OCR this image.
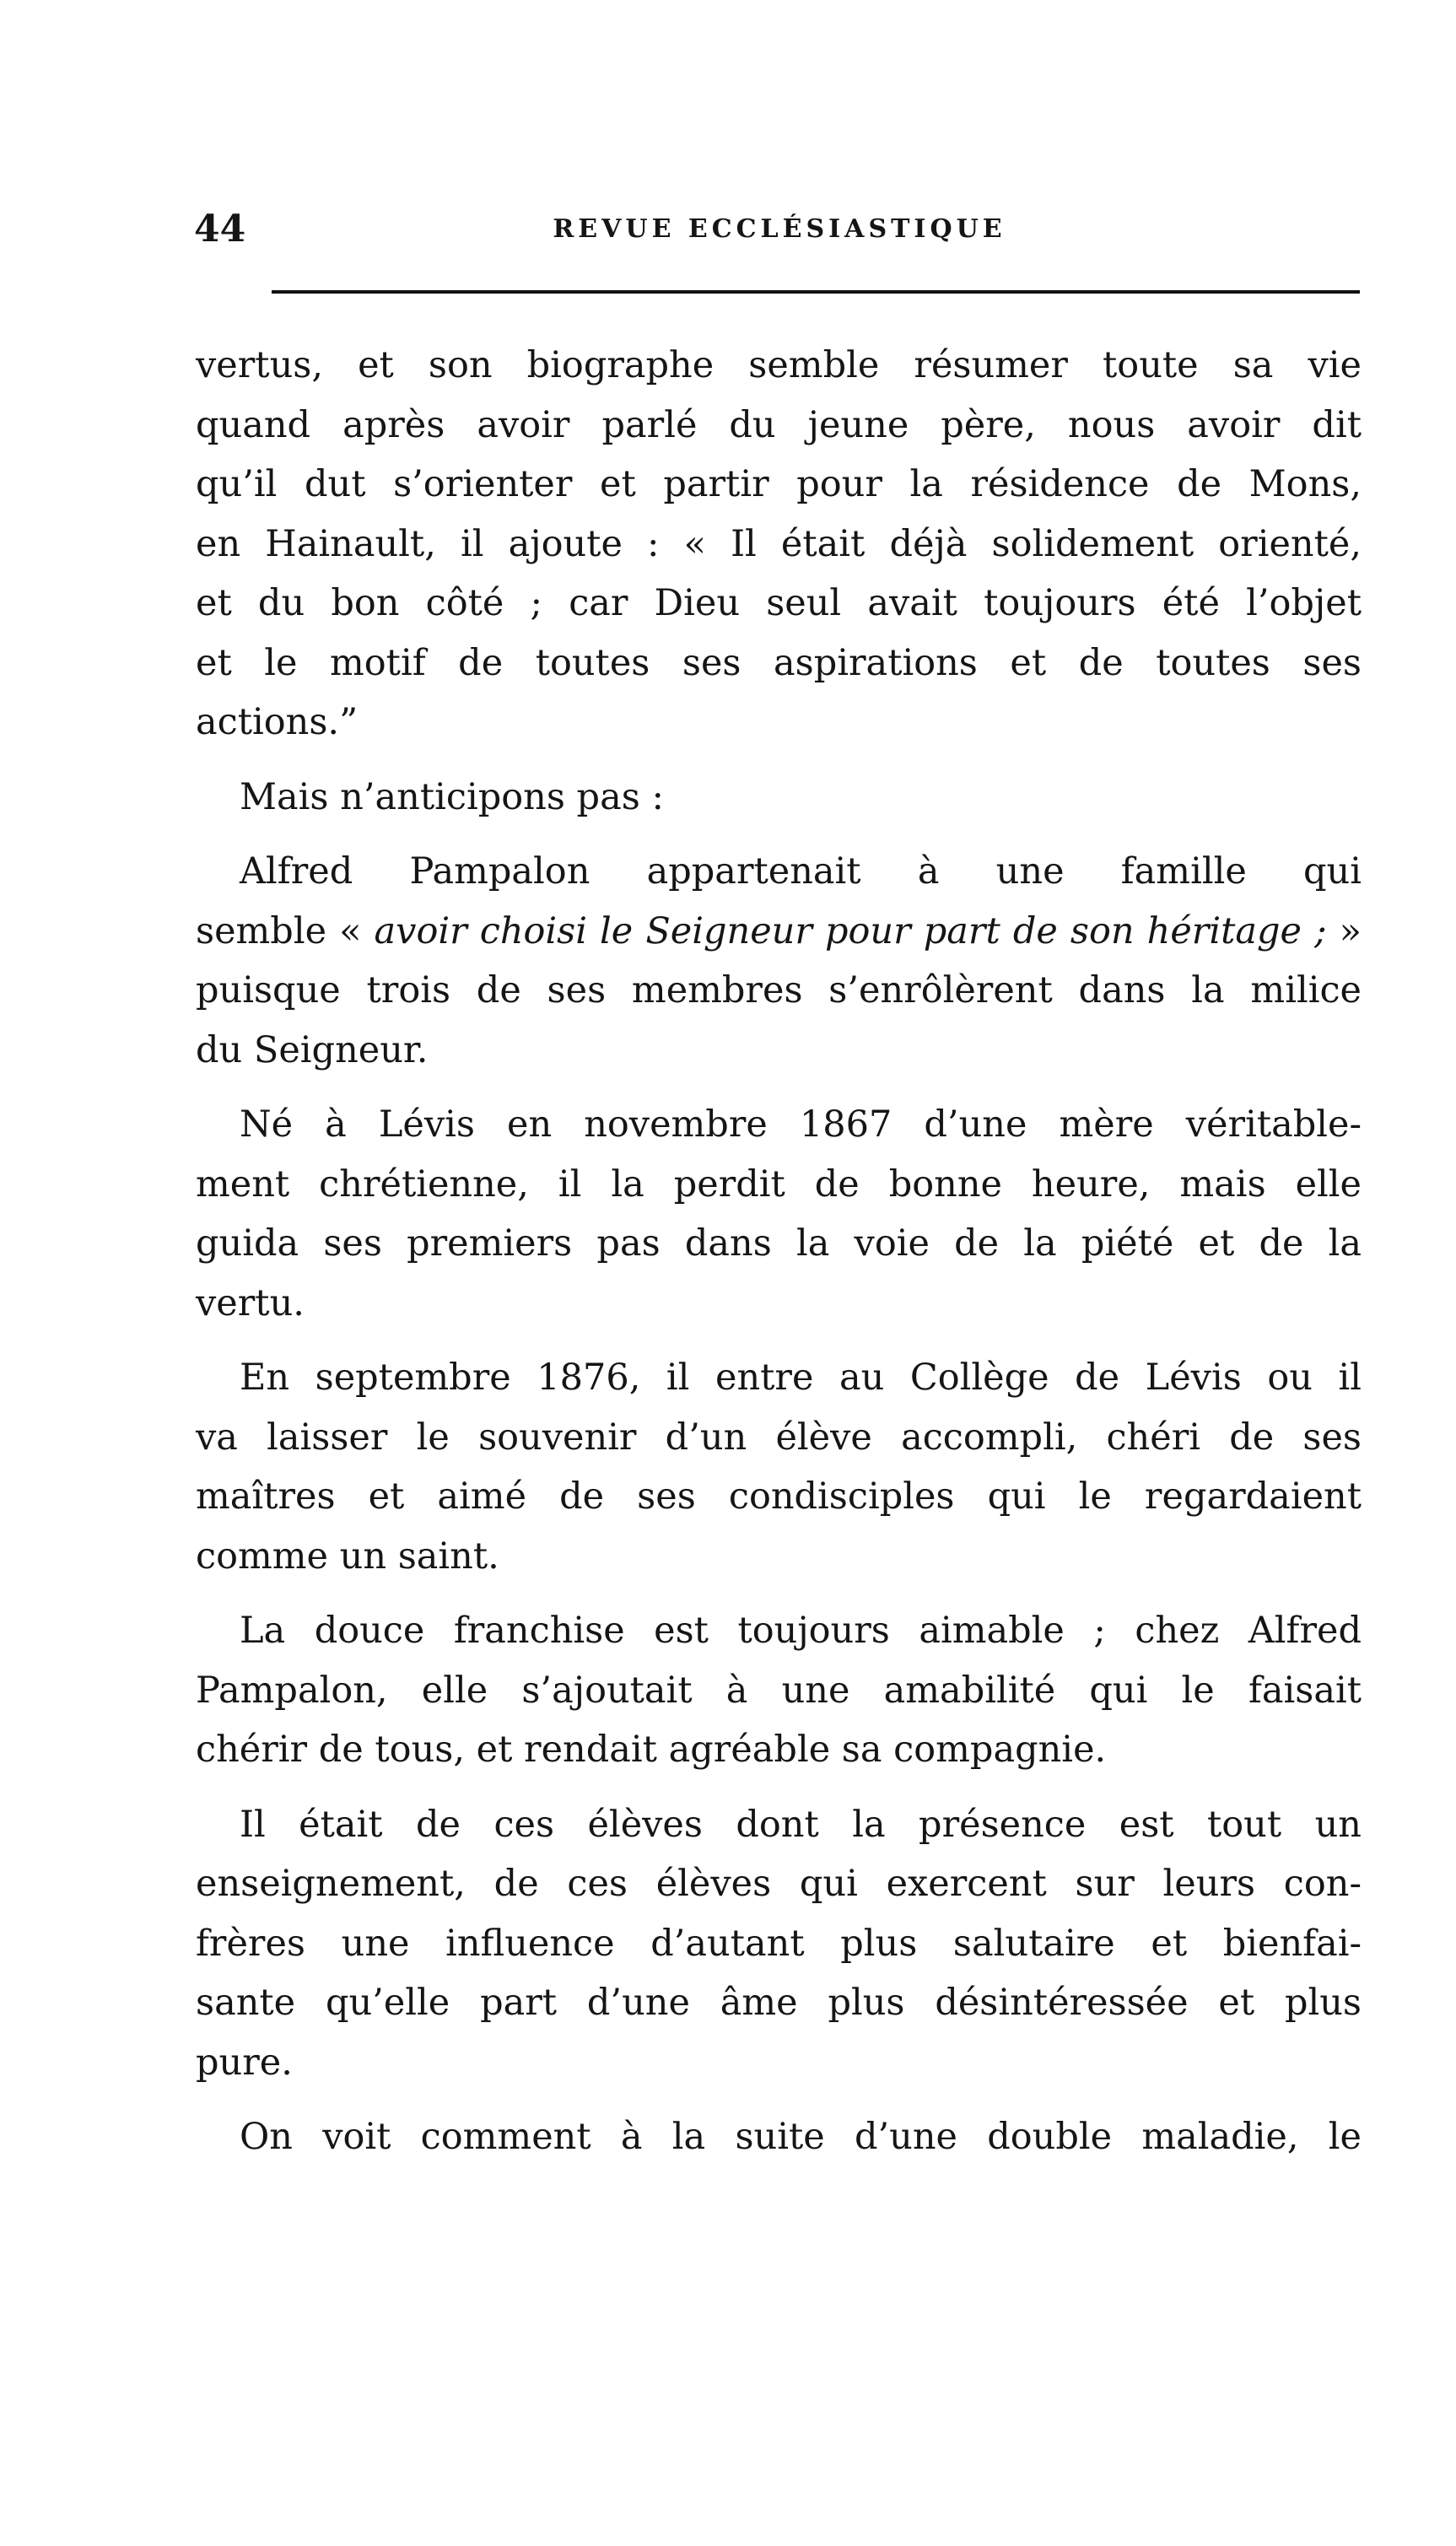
44	REVUE ECCLÉSIASTIQUE
vertus, et son biographe semble résumer toute sa vie
quand après avoir parlé du jeune père, nous avoir dit
qu’il dut s’orienter et partir pour la résidence de Mons,
en Hainault, il ajoute : « Il était déjà solidement orienté,
et du bon côté ; car Dieu seul avait toujours été l’objet
et le motif de toutes ses aspirations et de toutes ses
actions.”
Mais n’anticipons pas :
Alfred Pampalon appartenait à une famille qui
semble « avoir choisi le Seigneur pour part de son héritage ; »
puisque trois de ses membres s’enrôlèrent dans la milice
du Seigneur.
Né à Lévis en novembre 1867 d’une mère véritable-
ment chrétienne, il la perdit de bonne heure, mais elle
guida ses premiers pas dans la voie de la piété et de la
vertu.
En septembre 1876, il entre au Collège de Lévis ou il
va laisser le souvenir d’un élève accompli, chéri de ses
maîtres et aimé de ses condisciples qui le regardaient
comme un saint.
La douce franchise est toujours aimable ; chez Alfred
Pampalon, elle s’ajoutait à une amabilité qui le faisait
chérir de tous, et rendait agréable sa compagnie.
Il était de ces élèves dont la présence est tout un
enseignement, de ces élèves qui exercent sur leurs con-
frères une influence d’autant plus salutaire et bienfai-
sante qu’elle part d’une âme plus désintéressée et plus
pure.
On voit comment à la suite d’une double maladie, le
